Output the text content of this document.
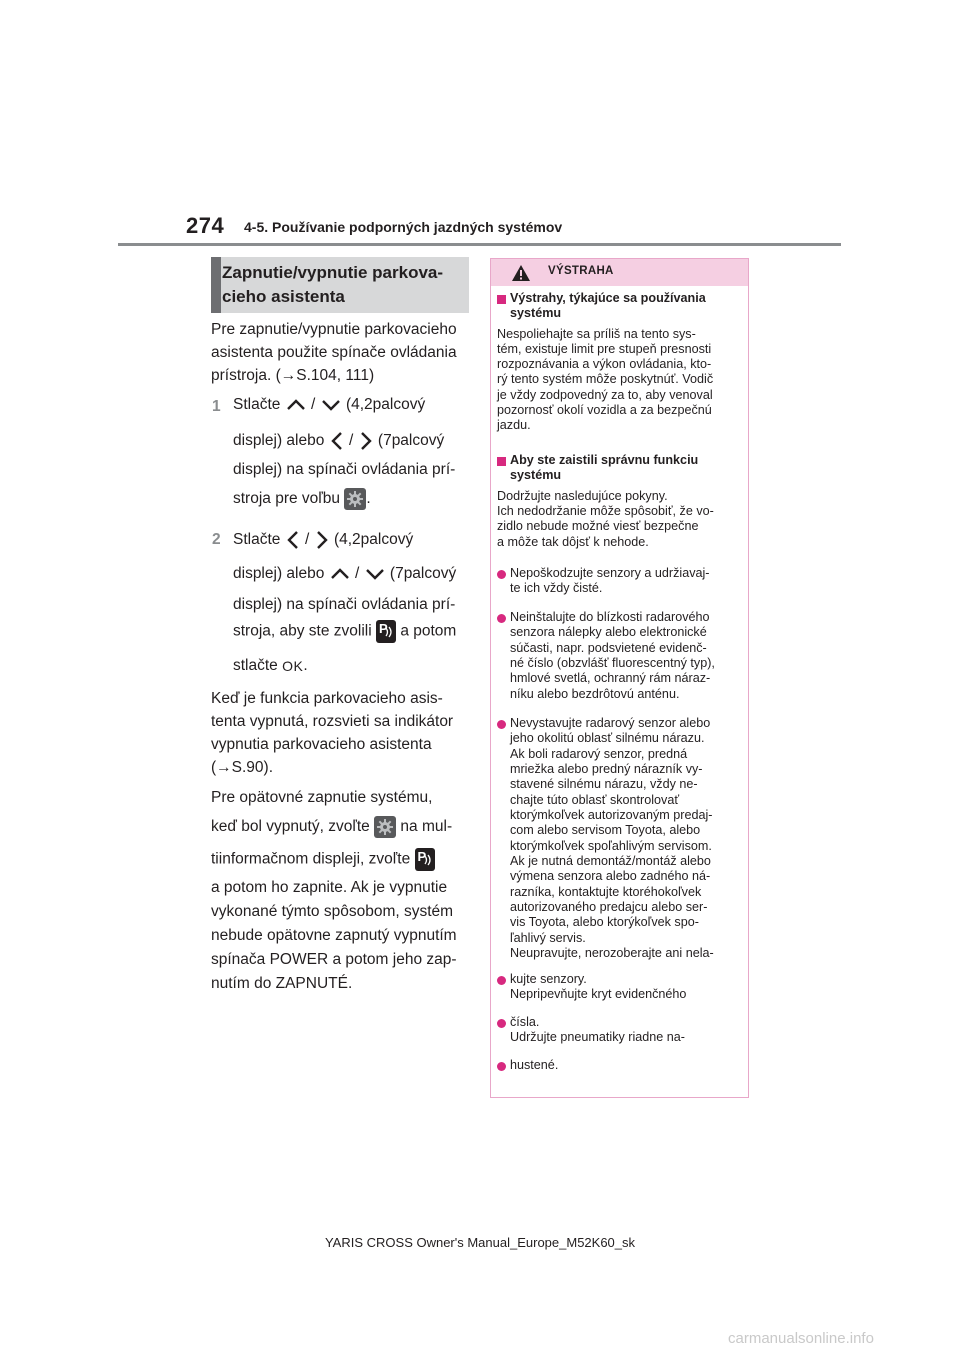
274 4-5. Používanie podporných jazdných systémov
Zapnutie/vypnutie parkova- cieho asistenta
Pre zapnutie/vypnutie parkovacieho
asistenta použite spínače ovládania
prístroja. (→S.104, 111)
1 Stlačte / (4,2palcový
displej) alebo / (7palcový
displej) na spínači ovládania prí-
stroja pre voľbu .
2 Stlačte / (4,2palcový
displej) alebo / (7palcový
displej) na spínači ovládania prí-
stroja, aby ste zvolili P a potom
stlačte OK.
Keď je funkcia parkovacieho asis-
tenta vypnutá, rozsvieti sa indikátor
vypnutia parkovacieho asistenta
(→S.90).
Pre opätovné zapnutie systému,
keď bol vypnutý, zvoľte na mul-
tiinformačnom displeji, zvoľte P
a potom ho zapnite. Ak je vypnutie
vykonané týmto spôsobom, systém
nebude opätovne zapnutý vypnutím
spínača POWER a potom jeho zap-
nutím do ZAPNUTÉ.
VÝSTRAHA
Výstrahy, týkajúce sa používania
systému
Nespoliehajte sa príliš na tento sys-
tém, existuje limit pre stupeň presnosti
rozpoznávania a výkon ovládania, kto-
rý tento systém môže poskytnúť. Vodič
je vždy zodpovedný za to, aby venoval
pozornosť okolí vozidla a za bezpečnú
jazdu.
Aby ste zaistili správnu funkciu
systému
Dodržujte nasledujúce pokyny.
Ich nedodržanie môže spôsobiť, že vo-
zidlo nebude možné viesť bezpečne
a môže tak dôjsť k nehode.
Nepoškodzujte senzory a udržiavaj-
te ich vždy čisté.
Neinštalujte do blízkosti radarového
senzora nálepky alebo elektronické
súčasti, napr. podsvietené evidenč-
né číslo (obzvlášť fluorescentný typ),
hmlové svetlá, ochranný rám náraz-
níku alebo bezdrôtovú anténu.
Nevystavujte radarový senzor alebo
jeho okolitú oblasť silnému nárazu.
Ak boli radarový senzor, predná
mriežka alebo predný nárazník vy-
stavené silnému nárazu, vždy ne-
chajte túto oblasť skontrolovať
ktorýmkoľvek autorizovaným predaj-
com alebo servisom Toyota, alebo
ktorýmkoľvek spoľahlivým servisom.
Ak je nutná demontáž/montáž alebo
výmena senzora alebo zadného ná-
razníka, kontaktujte ktoréhokoľvek
autorizovaného predajcu alebo ser-
vis Toyota, alebo ktorýkoľvek spo-
ľahlivý servis.
Neupravujte, nerozoberajte ani nela-
kujte senzory.
Nepripevňujte kryt evidenčného
čísla.
Udržujte pneumatiky riadne na-
hustené.
YARIS CROSS Owner's Manual_Europe_M52K60_sk
carmanualsonline.info
